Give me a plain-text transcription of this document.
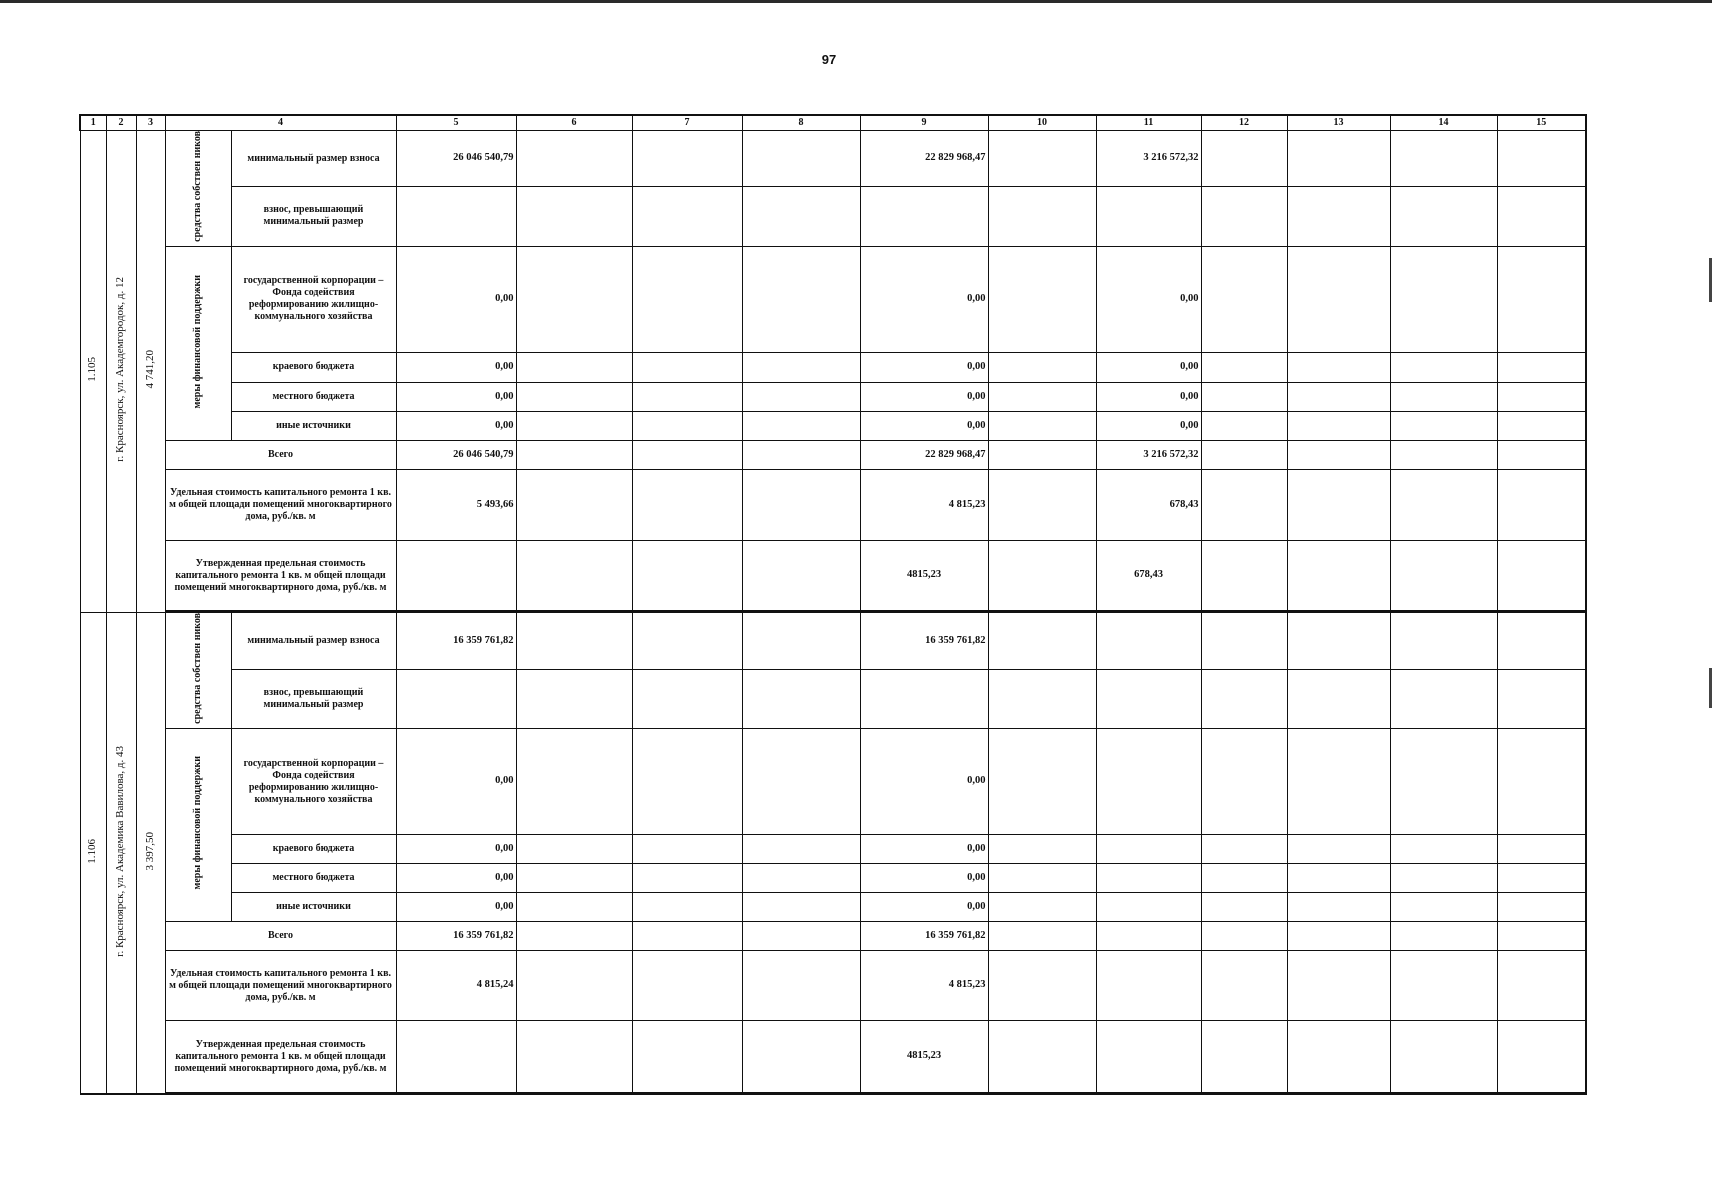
97
1	2	3	4		5	6	7	8	9	10	11	12	13	14	15
1.105	г. Красноярск, ул. Академгородок, д. 12	4 741,20	средства собствен ников	минимальный размер взноса	26 046 540,79				22 829 968,47		3 216 572,32				
				взнос, превышающий минимальный размер											
			меры финансовой поддержки	государственной корпорации – Фонда содействия реформированию жилищно-коммунального хозяйства	0,00				0,00		0,00				
				краевого бюджета	0,00				0,00		0,00				
				местного бюджета	0,00				0,00		0,00				
				иные источники	0,00				0,00		0,00				
			Всего		26 046 540,79				22 829 968,47		3 216 572,32				
			Удельная стоимость капитального ремонта 1 кв. м общей площади помещений многоквартирного дома, руб./кв. м		5 493,66				4 815,23		678,43				
			Утвержденная предельная стоимость капитального ремонта 1 кв. м общей площади помещений многоквартирного дома, руб./кв. м						4815,23		678,43				

1.106	г. Красноярск, ул. Академика Вавилова, д. 43	3 397,50	средства собствен ников	минимальный размер взноса	16 359 761,82				16 359 761,82						
				взнос, превышающий минимальный размер											
			меры финансовой поддержки	государственной корпорации – Фонда содействия реформированию жилищно-коммунального хозяйства	0,00				0,00						
				краевого бюджета	0,00				0,00						
				местного бюджета	0,00				0,00						
				иные источники	0,00				0,00						
			Всего		16 359 761,82				16 359 761,82						
			Удельная стоимость капитального ремонта 1 кв. м общей площади помещений многоквартирного дома, руб./кв. м		4 815,24				4 815,23						
			Утвержденная предельная стоимость капитального ремонта 1 кв. м общей площади помещений многоквартирного дома, руб./кв. м						4815,23						
